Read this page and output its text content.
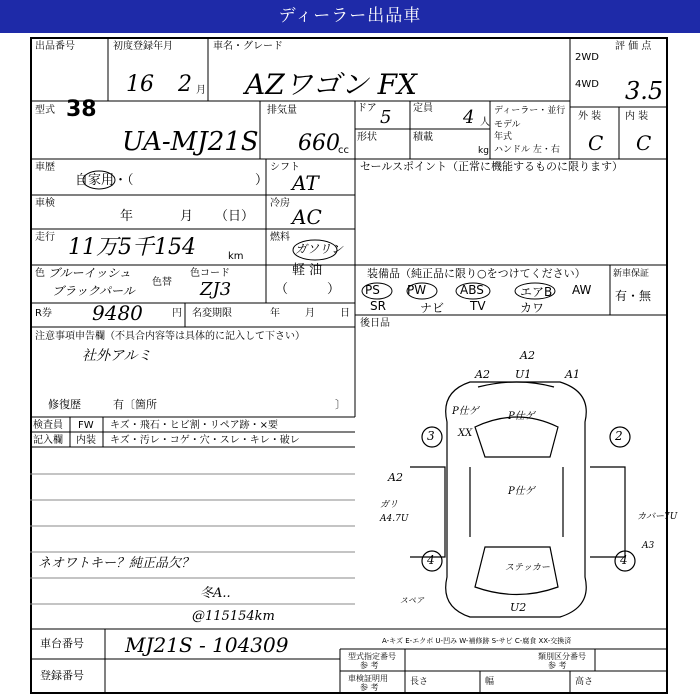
ディーラー出品車
出品番号
38
初度登録年月
16 2 月
車名・グレード
AZワゴン FX
2WD
4WD
評 価 点
3.5
型式
UA-MJ21S
排気量
660
cc
ドア 5 定員 4 人
形状	積載
kg
ディーラー・並行
モデル
年式
ハンドル 左・右
外 装 内 装
C C
車歴
自家用・（	）
車検
年	月 （日）
走行 11万5千154	km
色 ブルーイッシュ
ブラックパール
色替
色コード
ZJ3
シフト
AT
冷房
AC
燃料
ガソリン
軽 油
（　　　）
セールスポイント（正常に機能するものに限ります）
R券 9480	円 名変期限	年	月	日
装備品（純正品に限り○をつけてください）
PS PW	ABS	エアB AW
SR	ナビ TV	カワ
新車保証
有・無
後日品
注意事項申告欄（不具合内容等は具体的に記入して下さい）
社外アルミ
修復歴	有〔箇所	〕
検査員
記入欄
FW キズ・飛石・ヒビ割・リペア跡・×要
内装 キズ・汚レ・コゲ・穴・スレ・キレ・破レ
ネオワトキー？純正品欠？
冬A..
@115154km
車台番号 MJ21S - 104309
登録番号
型式指定番号
参 考
類別区分番号
参 考
車検証明用
参 考
長さ	幅	高さ
A-キズ E-エクボ U-凹み W-補修跡 S-サビ C-腐食 XX-交換済
A2
A2 U1	A1
P仕ゲ	P仕ゲ
XX
P仕ゲ
A2
ガリ
A4.7U	カバー7U
A3
ステッカー
スペア
U2
3	2
4	4
